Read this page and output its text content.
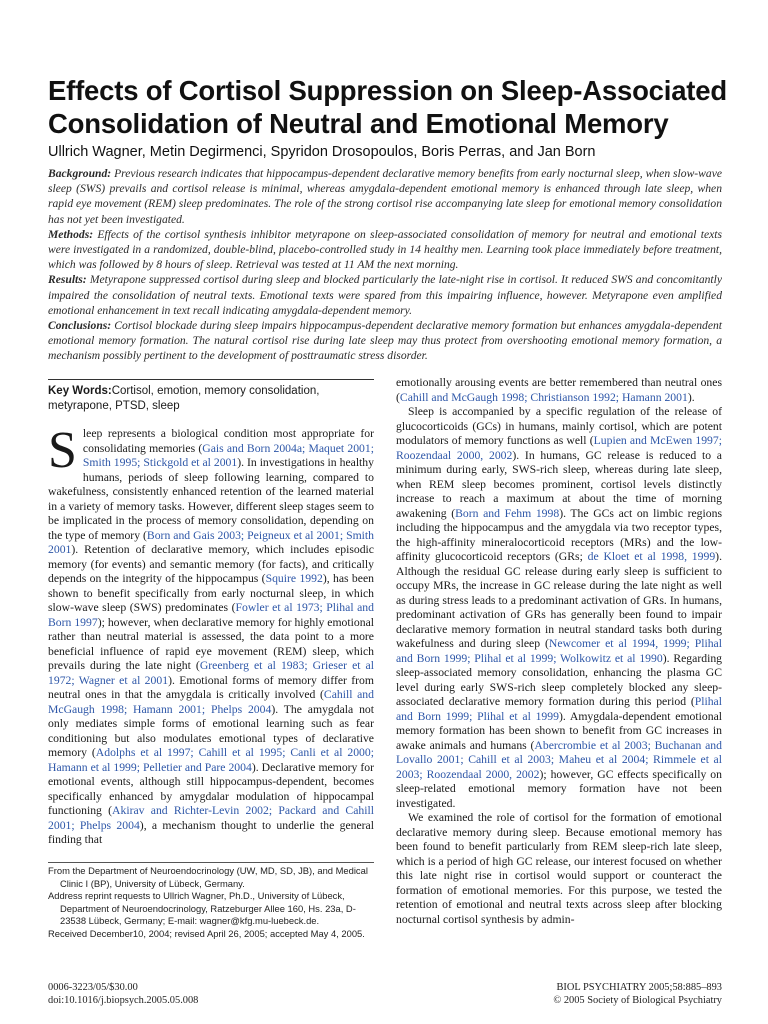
Effects of Cortisol Suppression on Sleep-Associated Consolidation of Neutral and Emotional Memory
Ullrich Wagner, Metin Degirmenci, Spyridon Drosopoulos, Boris Perras, and Jan Born

Background: Previous research indicates that hippocampus-dependent declarative memory benefits from early nocturnal sleep, when slow-wave sleep (SWS) prevails and cortisol release is minimal, whereas amygdala-dependent emotional memory is enhanced through late sleep, when rapid eye movement (REM) sleep predominates. The role of the strong cortisol rise accompanying late sleep for emotional memory consolidation has not yet been investigated.

Methods: Effects of the cortisol synthesis inhibitor metyrapone on sleep-associated consolidation of memory for neutral and emotional texts were investigated in a randomized, double-blind, placebo-controlled study in 14 healthy men. Learning took place immediately before treatment, which was followed by 8 hours of sleep. Retrieval was tested at 11 AM the next morning.

Results: Metyrapone suppressed cortisol during sleep and blocked particularly the late-night rise in cortisol. It reduced SWS and concomitantly impaired the consolidation of neutral texts. Emotional texts were spared from this impairing influence, however. Metyrapone even amplified emotional enhancement in text recall indicating amygdala-dependent memory.

Conclusions: Cortisol blockade during sleep impairs hippocampus-dependent declarative memory formation but enhances amygdala-dependent emotional memory formation. The natural cortisol rise during late sleep may thus protect from overshooting emotional memory formation, a mechanism possibly pertinent to the development of posttraumatic stress disorder.

Key Words:Cortisol, emotion, memory consolidation, metyrapone, PTSD, sleep

Sleep represents a biological condition most appropriate for consolidating memories (Gais and Born 2004a; Maquet 2001; Smith 1995; Stickgold et al 2001). In investigations in healthy humans, periods of sleep following learning, compared to wakefulness, consistently enhanced retention of the learned material in a variety of memory tasks. However, different sleep stages seem to be implicated in the process of memory consolidation, depending on the type of memory (Born and Gais 2003; Peigneux et al 2001; Smith 2001). Retention of declarative memory, which includes episodic memory (for events) and semantic memory (for facts), and critically depends on the integrity of the hippocampus (Squire 1992), has been shown to benefit specifically from early nocturnal sleep, in which slow-wave sleep (SWS) predominates (Fowler et al 1973; Plihal and Born 1997); however, when declarative memory for highly emotional rather than neutral material is assessed, the data point to a more beneficial influence of rapid eye movement (REM) sleep, which prevails during the late night (Greenberg et al 1983; Grieser et al 1972; Wagner et al 2001). Emotional forms of memory differ from neutral ones in that the amygdala is critically involved (Cahill and McGaugh 1998; Hamann 2001; Phelps 2004). The amygdala not only mediates simple forms of emotional learning such as fear conditioning but also modulates emotional types of declarative memory (Adolphs et al 1997; Cahill et al 1995; Canli et al 2000; Hamann et al 1999; Pelletier and Pare 2004). Declarative memory for emotional events, although still hippocampus-dependent, becomes specifically enhanced by amygdalar modulation of hippocampal functioning (Akirav and Richter-Levin 2002; Packard and Cahill 2001; Phelps 2004), a mechanism thought to underlie the general finding that

emotionally arousing events are better remembered than neutral ones (Cahill and McGaugh 1998; Christianson 1992; Hamann 2001).

Sleep is accompanied by a specific regulation of the release of glucocorticoids (GCs) in humans, mainly cortisol, which are potent modulators of memory functions as well (Lupien and McEwen 1997; Roozendaal 2000, 2002). In humans, GC release is reduced to a minimum during early, SWS-rich sleep, whereas during late sleep, when REM sleep becomes prominent, cortisol levels distinctly increase to reach a maximum at about the time of morning awakening (Born and Fehm 1998). The GCs act on limbic regions including the hippocampus and the amygdala via two receptor types, the high-affinity mineralocorticoid receptors (MRs) and the low-affinity glucocorticoid receptors (GRs; de Kloet et al 1998, 1999). Although the residual GC release during early sleep is sufficient to occupy MRs, the increase in GC release during the late night as well as during stress leads to a predominant activation of GRs. In humans, predominant activation of GRs has generally been found to impair declarative memory formation in neutral standard tasks both during wakefulness and during sleep (Newcomer et al 1994, 1999; Plihal and Born 1999; Plihal et al 1999; Wolkowitz et al 1990). Regarding sleep-associated memory consolidation, enhancing the plasma GC level during early SWS-rich sleep completely blocked any sleep-associated declarative memory formation during this period (Plihal and Born 1999; Plihal et al 1999). Amygdala-dependent emotional memory formation has been shown to benefit from GC increases in awake animals and humans (Abercrombie et al 2003; Buchanan and Lovallo 2001; Cahill et al 2003; Maheu et al 2004; Rimmele et al 2003; Roozendaal 2000, 2002); however, GC effects specifically on sleep-related emotional memory formation have not been investigated.

We examined the role of cortisol for the formation of emotional declarative memory during sleep. Because emotional memory has been found to benefit particularly from REM sleep-rich late sleep, which is a period of high GC release, our interest focused on whether this late night rise in cortisol would support or counteract the formation of emotional memories. For this purpose, we tested the retention of emotional and neutral texts across sleep after blocking nocturnal cortisol synthesis by admin-

From the Department of Neuroendocrinology (UW, MD, SD, JB), and Medical Clinic I (BP), University of Lübeck, Germany.

Address reprint requests to Ullrich Wagner, Ph.D., University of Lübeck, Department of Neuroendocrinology, Ratzeburger Allee 160, Hs. 23a, D-23538 Lübeck, Germany; E-mail: wagner@kfg.mu-luebeck.de.

Received December10, 2004; revised April 26, 2005; accepted May 4, 2005.

0006-3223/05/$30.00
doi:10.1016/j.biopsych.2005.05.008
BIOL PSYCHIATRY 2005;58:885–893
© 2005 Society of Biological Psychiatry
